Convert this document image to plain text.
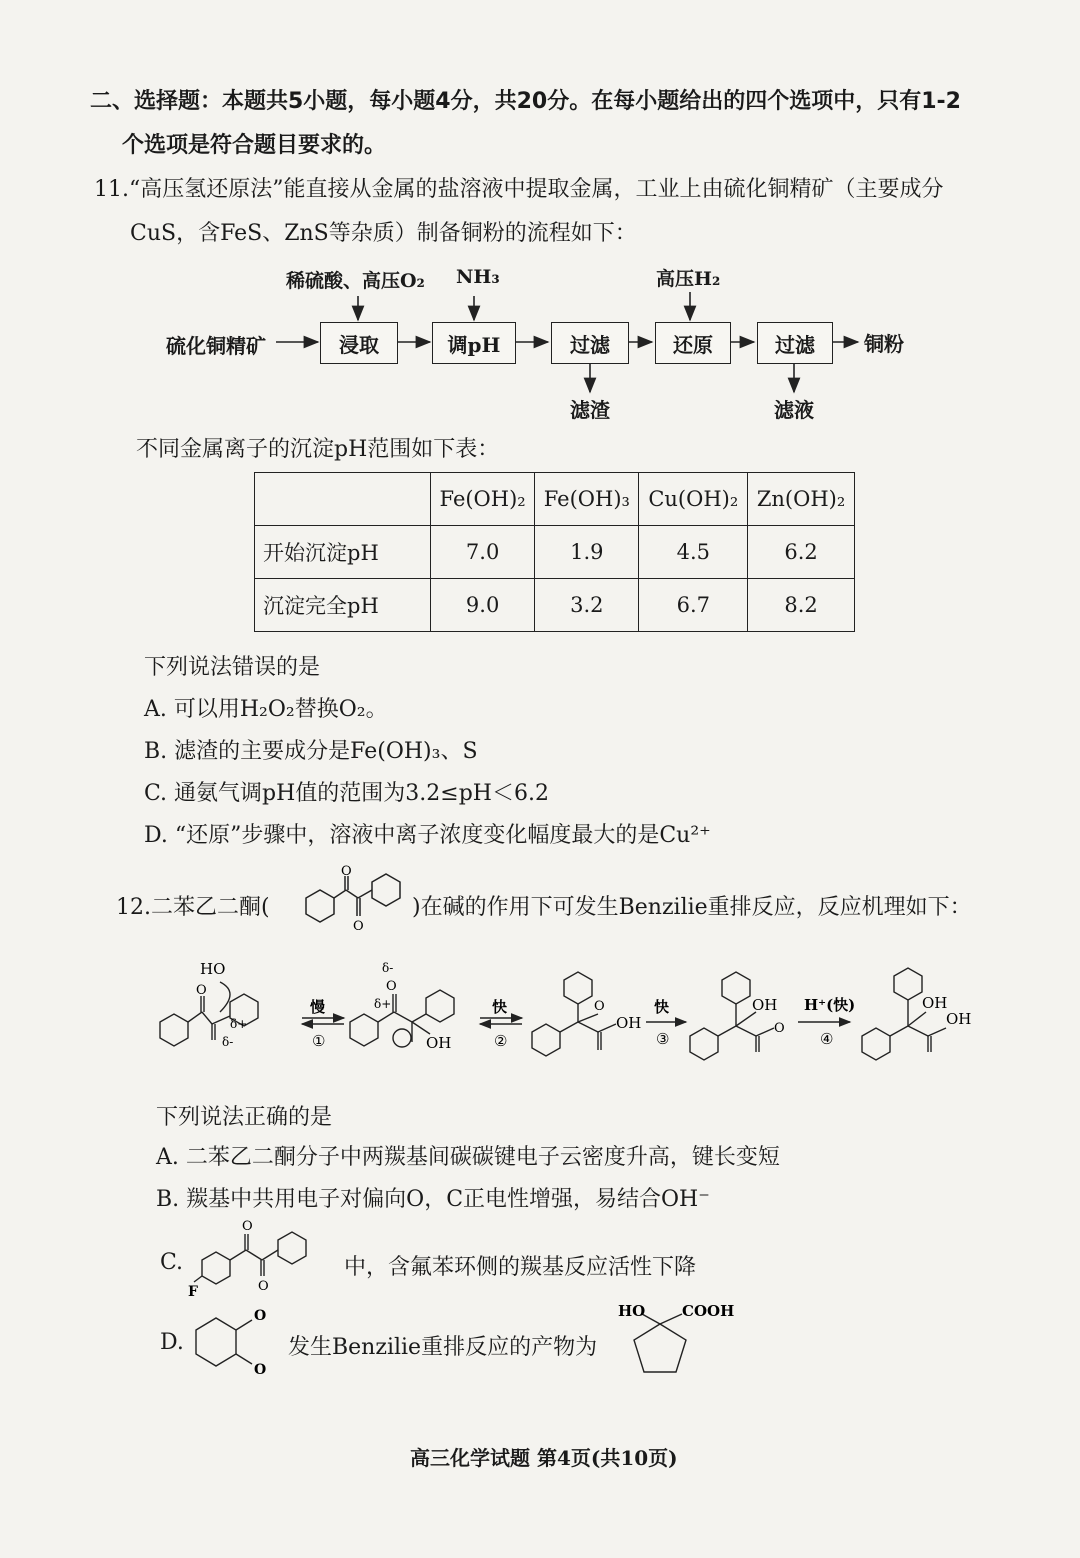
二、选择题：本题共5小题，每小题4分，共20分。在每小题给出的四个选项中，只有1-2
个选项是符合题目要求的。
11.“高压氢还原法”能直接从金属的盐溶液中提取金属，工业上由硫化铜精矿（主要成分
CuS，含FeS、ZnS等杂质）制备铜粉的流程如下：
硫化铜精矿
稀硫酸、高压O₂ NH₃	高压H₂
浸取	调pH	过滤	还原	过滤	铜粉
滤渣	滤液
不同金属离子的沉淀pH范围如下表：
	Fe(OH)₂	Fe(OH)₃	Cu(OH)₂	Zn(OH)₂
开始沉淀pH	7.0	1.9	4.5	6.2
沉淀完全pH	9.0	3.2	6.7	8.2
下列说法错误的是
A. 可以用H₂O₂替换O₂。
B. 滤渣的主要成分是Fe(OH)₃、S
C. 通氨气调pH值的范围为3.2≤pH＜6.2
D. “还原”步骤中，溶液中离子浓度变化幅度最大的是Cu²⁺
12.二苯乙二酮(
O
O
)在碱的作用下可发生Benzilie重排反应，反应机理如下：
HO
O
δ-
δ+
慢
①
O
δ-
δ+
OH
快
②
O
OH
快
③
OH
O
H⁺(快)
④
OH
OH
下列说法正确的是
A. 二苯乙二酮分子中两羰基间碳碳键电子云密度升高，键长变短
B. 羰基中共用电子对偏向O，C正电性增强，易结合OH⁻
C.
O
O
F
中，含氟苯环侧的羰基反应活性下降
D.
O
O
发生Benzilie重排反应的产物为
HO COOH
高三化学试题 第4页(共10页)
